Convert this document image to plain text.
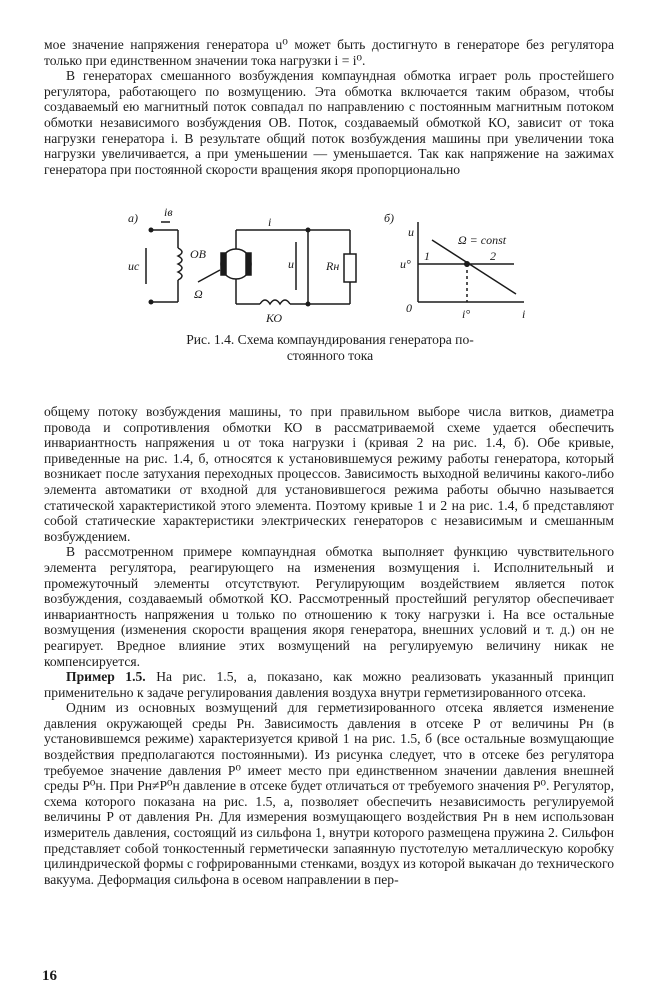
мое значение напряжения генератора u⁰ может быть достигнуто в генераторе без регулятора только при единственном значении тока нагрузки i = i⁰.

В генераторах смешанного возбуждения компаундная обмотка играет роль простейшего регулятора, работающего по возмущению. Эта обмотка включается таким образом, чтобы создаваемый ею магнитный поток совпадал по направлению с постоянным магнитным потоком обмотки независимого возбуждения ОВ. Поток, создаваемый обмоткой КО, зависит от тока нагрузки генератора i. В результате общий поток возбуждения машины при увеличении тока нагрузки увеличивается, а при уменьшении — уменьшается. Так как напряжение на зажимах генератора при постоянной скорости вращения якоря пропорционально

а) iв
uс
ОВ
Ω
i
u	Rн
КО
б)
u
i
u°
0	i°
1	2
Ω = const
Рис. 1.4. Схема компаундирования генератора по-
стоянного тока

общему потоку возбуждения машины, то при правильном выборе числа витков, диаметра провода и сопротивления обмотки КО в рассматриваемой схеме удается обеспечить инвариантность напряжения u от тока нагрузки i (кривая 2 на рис. 1.4, б). Обе кривые, приведенные на рис. 1.4, б, относятся к установившемуся режиму работы генератора, который возникает после затухания переходных процессов. Зависимость выходной величины какого-либо элемента автоматики от входной для установившегося режима работы обычно называется статической характеристикой этого элемента. Поэтому кривые 1 и 2 на рис. 1.4, б представляют собой статические характеристики электрических генераторов с независимым и смешанным возбуждением.

В рассмотренном примере компаундная обмотка выполняет функцию чувствительного элемента регулятора, реагирующего на изменения возмущения i. Исполнительный и промежуточный элементы отсутствуют. Регулирующим воздействием является поток возбуждения, создаваемый обмоткой КО. Рассмотренный простейший регулятор обеспечивает инвариантность напряжения u только по отношению к току нагрузки i. На все остальные возмущения (изменения скорости вращения якоря генератора, внешних условий и т. д.) он не реагирует. Вредное влияние этих возмущений на регулируемую величину никак не компенсируется.

Пример 1.5. На рис. 1.5, а, показано, как можно реализовать указанный принцип применительно к задаче регулирования давления воздуха внутри герметизированного отсека.

Одним из основных возмущений для герметизированного отсека является изменение давления окружающей среды Pн. Зависимость давления в отсеке P от величины Pн (в установившемся режиме) характеризуется кривой 1 на рис. 1.5, б (все остальные возмущающие воздействия предполагаются постоянными). Из рисунка следует, что в отсеке без регулятора требуемое значение давления P⁰ имеет место при единственном значении давления внешней среды P⁰н. При Pн≠P⁰н давление в отсеке будет отличаться от требуемого значения P⁰. Регулятор, схема которого показана на рис. 1.5, а, позволяет обеспечить независимость регулируемой величины P от давления Pн. Для измерения возмущающего воздействия Pн в нем использован измеритель давления, состоящий из сильфона 1, внутри которого размещена пружина 2. Сильфон представляет собой тонкостенный герметически запаянную пустотелую металлическую коробку цилиндрической формы с гофрированными стенками, воздух из которой выкачан до технического вакуума. Деформация сильфона в осевом направлении в пер-

16
